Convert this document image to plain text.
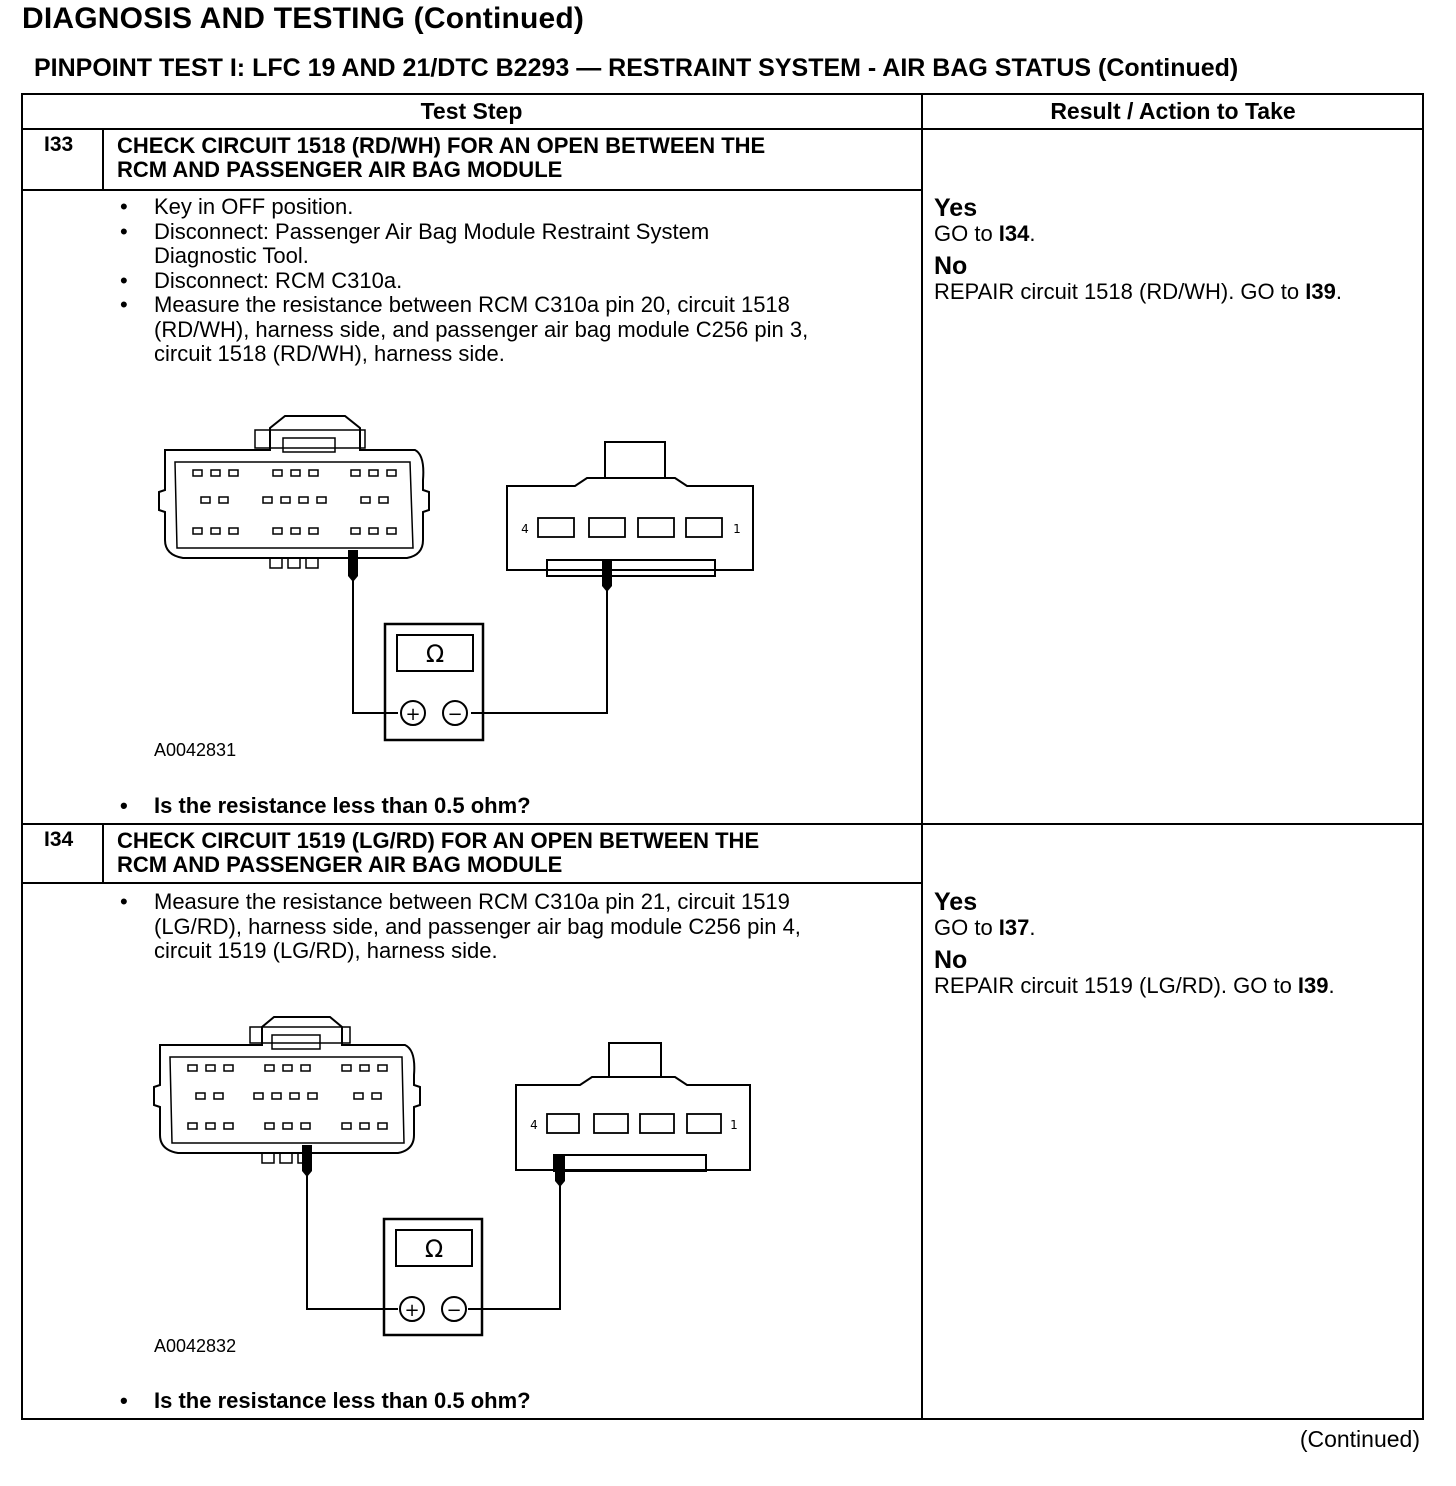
DIAGNOSIS AND TESTING (Continued)
PINPOINT TEST I: LFC 19 AND 21/DTC B2293 — RESTRAINT SYSTEM - AIR BAG STATUS (Continued)
Test Step	Result / Action to Take
I33 CHECK CIRCUIT 1518 (RD/WH) FOR AN OPEN BETWEEN THE
RCM AND PASSENGER AIR BAG MODULE
• Key in OFF position.
• Disconnect: Passenger Air Bag Module Restraint System Diagnostic Tool.
• Disconnect: RCM C310a.
• Measure the resistance between RCM C310a pin 20, circuit 1518 (RD/WH), harness side, and passenger air bag module C256 pin 3, circuit 1518 (RD/WH), harness side.
Ω
+ −
4	1
A0042831
• Is the resistance less than 0.5 ohm?
Yes
GO to I34.
No
REPAIR circuit 1518 (RD/WH). GO to I39.
I34 CHECK CIRCUIT 1519 (LG/RD) FOR AN OPEN BETWEEN THE
RCM AND PASSENGER AIR BAG MODULE
• Measure the resistance between RCM C310a pin 21, circuit 1519 (LG/RD), harness side, and passenger air bag module C256 pin 4, circuit 1519 (LG/RD), harness side.
Ω
+ −
4	1
A0042832
• Is the resistance less than 0.5 ohm?
Yes
GO to I37.
No
REPAIR circuit 1519 (LG/RD). GO to I39.
(Continued)
